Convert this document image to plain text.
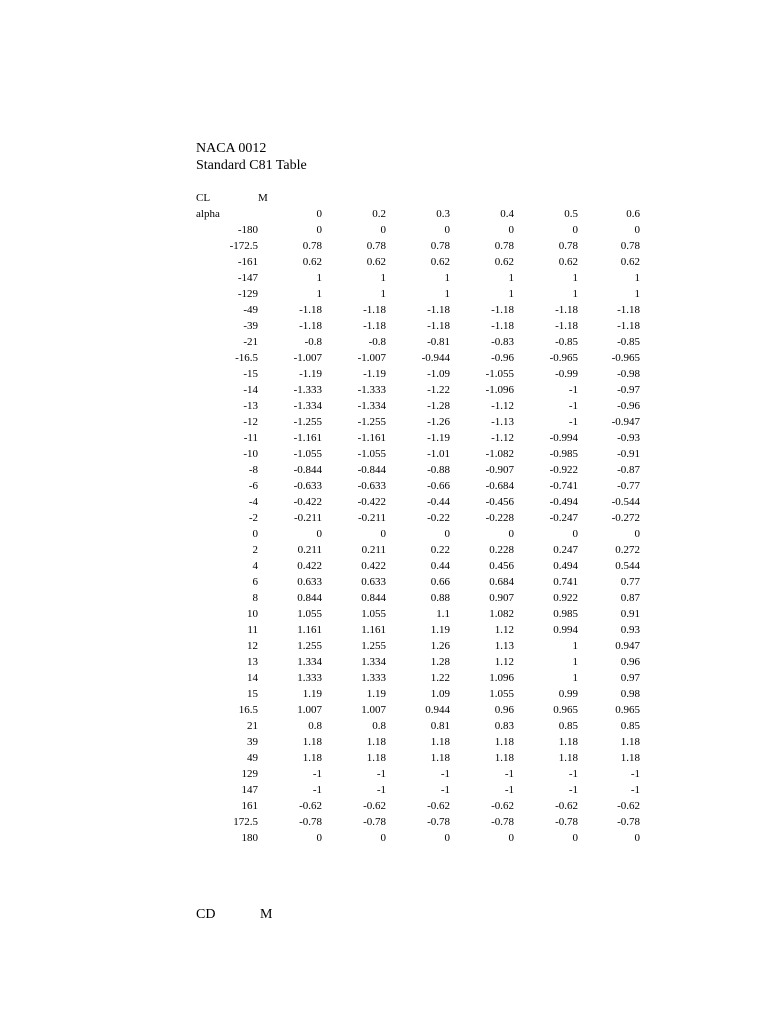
NACA 0012
Standard C81 Table
CL	M					
alpha	0	0.2	0.3	0.4	0.5	0.6
-180	0	0	0	0	0	0
-172.5	0.78	0.78	0.78	0.78	0.78	0.78
-161	0.62	0.62	0.62	0.62	0.62	0.62
-147	1	1	1	1	1	1
-129	1	1	1	1	1	1
-49	-1.18	-1.18	-1.18	-1.18	-1.18	-1.18
-39	-1.18	-1.18	-1.18	-1.18	-1.18	-1.18
-21	-0.8	-0.8	-0.81	-0.83	-0.85	-0.85
-16.5	-1.007	-1.007	-0.944	-0.96	-0.965	-0.965
-15	-1.19	-1.19	-1.09	-1.055	-0.99	-0.98
-14	-1.333	-1.333	-1.22	-1.096	-1	-0.97
-13	-1.334	-1.334	-1.28	-1.12	-1	-0.96
-12	-1.255	-1.255	-1.26	-1.13	-1	-0.947
-11	-1.161	-1.161	-1.19	-1.12	-0.994	-0.93
-10	-1.055	-1.055	-1.01	-1.082	-0.985	-0.91
-8	-0.844	-0.844	-0.88	-0.907	-0.922	-0.87
-6	-0.633	-0.633	-0.66	-0.684	-0.741	-0.77
-4	-0.422	-0.422	-0.44	-0.456	-0.494	-0.544
-2	-0.211	-0.211	-0.22	-0.228	-0.247	-0.272
0	0	0	0	0	0	0
2	0.211	0.211	0.22	0.228	0.247	0.272
4	0.422	0.422	0.44	0.456	0.494	0.544
6	0.633	0.633	0.66	0.684	0.741	0.77
8	0.844	0.844	0.88	0.907	0.922	0.87
10	1.055	1.055	1.1	1.082	0.985	0.91
11	1.161	1.161	1.19	1.12	0.994	0.93
12	1.255	1.255	1.26	1.13	1	0.947
13	1.334	1.334	1.28	1.12	1	0.96
14	1.333	1.333	1.22	1.096	1	0.97
15	1.19	1.19	1.09	1.055	0.99	0.98
16.5	1.007	1.007	0.944	0.96	0.965	0.965
21	0.8	0.8	0.81	0.83	0.85	0.85
39	1.18	1.18	1.18	1.18	1.18	1.18
49	1.18	1.18	1.18	1.18	1.18	1.18
129	-1	-1	-1	-1	-1	-1
147	-1	-1	-1	-1	-1	-1
161	-0.62	-0.62	-0.62	-0.62	-0.62	-0.62
172.5	-0.78	-0.78	-0.78	-0.78	-0.78	-0.78
180	0	0	0	0	0	0
CD	M
